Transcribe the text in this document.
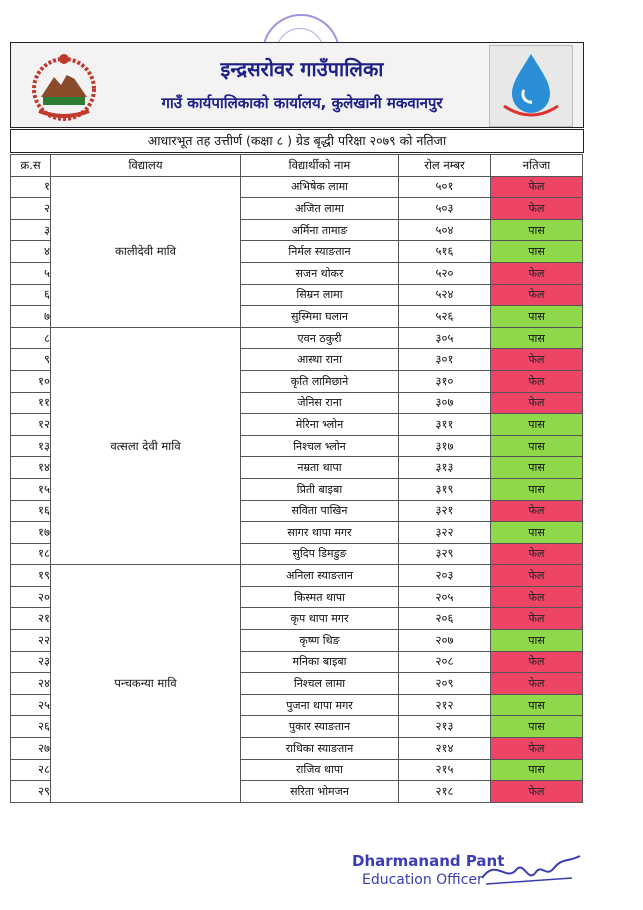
इन्द्रसरोवर गाउँपालिका
गाउँ कार्यपालिकाको कार्यालय, कुलेखानी मकवानपुर
आधारभूत तह उत्तीर्ण (कक्षा ८ ) ग्रेड बृद्धी परिक्षा २०७९ को नतिजा
क्र.स	विद्यालय	विद्यार्थीको नाम	रोल नम्बर	नतिजा
१	कालीदेवी मावि	अभिषेक लामा	५०१	फेल
२		अजित लामा	५०३	फेल
३		अर्मिना तामाङ	५०४	पास
४		निर्मल स्याङतान	५१६	पास
५		सजन थोकर	५२०	फेल
६		सिम्रन लामा	५२४	फेल
७		सुस्मिमा घलान	५२६	पास
८	वत्सला देवी मावि	एवन ठकुरी	३०५	पास
९		आस्था राना	३०१	फेल
१०		कृति लामिछाने	३१०	फेल
११		जेनिस राना	३०७	फेल
१२		मेरिना भ्लोन	३११	पास
१३		निश्चल भ्लोन	३१७	पास
१४		नम्रता थापा	३१३	पास
१५		प्रिती बाइबा	३१९	पास
१६		सविता पाखिन	३२१	फेल
१७		सागर थापा मगर	३२२	पास
१८		सुदिप डिमडुङ	३२९	फेल
१९	पन्चकन्या मावि	अनिला स्याङतान	२०३	फेल
२०		किस्मत थापा	२०५	फेल
२१		कृप थापा मगर	२०६	फेल
२२		कृष्ण थिङ	२०७	पास
२३		मनिका बाइबा	२०८	फेल
२४		निश्चल लामा	२०९	फेल
२५		पुजना थापा मगर	२१२	पास
२६		पुकार स्याङतान	२१३	पास
२७		राधिका स्याङतान	२१४	फेल
२८		राजिव थापा	२१५	पास
२९		सरिता भोमजन	२१८	फेल
Dharmanand Pant
Education Officer
